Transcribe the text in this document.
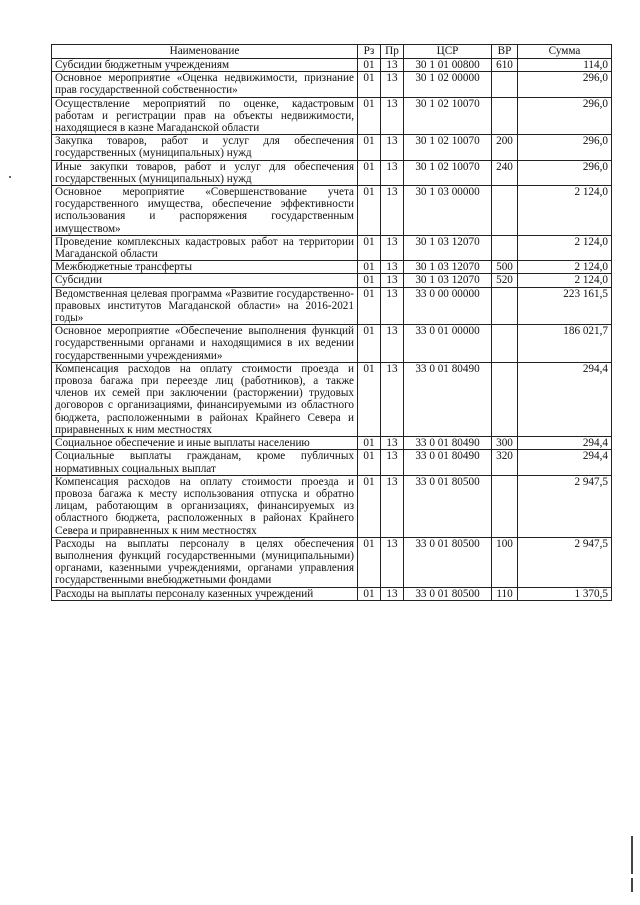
Наименование	Рз	Пр	ЦСР	ВР	Сумма
Субсидии бюджетным учреждениям	01	13	30 1 01 00800	610	114,0
Основное мероприятие «Оценка недвижимости, признание прав государственной собственности»	01	13	30 1 02 00000		296,0
Осуществление мероприятий по оценке, кадастровым работам и регистрации прав на объекты недвижимости, находящиеся в казне Магаданской области	01	13	30 1 02 10070		296,0
Закупка товаров, работ и услуг для обеспечения государственных (муниципальных) нужд	01	13	30 1 02 10070	200	296,0
Иные закупки товаров, работ и услуг для обеспечения государственных (муниципальных) нужд	01	13	30 1 02 10070	240	296,0
Основное мероприятие «Совершенствование учета государственного имущества, обеспечение эффективности использования и распоряжения государственным имуществом»	01	13	30 1 03 00000		2 124,0
Проведение комплексных кадастровых работ на территории Магаданской области	01	13	30 1 03 12070		2 124,0
Межбюджетные трансферты	01	13	30 1 03 12070	500	2 124,0
Субсидии	01	13	30 1 03 12070	520	2 124,0
Ведомственная целевая программа «Развитие государственно-правовых институтов Магаданской области» на 2016-2021 годы»	01	13	33 0 00 00000		223 161,5
Основное мероприятие «Обеспечение выполнения функций государственными органами и находящимися в их ведении государственными учреждениями»	01	13	33 0 01 00000		186 021,7
Компенсация расходов на оплату стоимости проезда и провоза багажа при переезде лиц (работников), а также членов их семей при заключении (расторжении) трудовых договоров с организациями, финансируемыми из областного бюджета, расположенными в районах Крайнего Севера и приравненных к ним местностях	01	13	33 0 01 80490		294,4
Социальное обеспечение и иные выплаты населению	01	13	33 0 01 80490	300	294,4
Социальные выплаты гражданам, кроме публичных нормативных социальных выплат	01	13	33 0 01 80490	320	294,4
Компенсация расходов на оплату стоимости проезда и провоза багажа к месту использования отпуска и обратно лицам, работающим в организациях, финансируемых из областного бюджета, расположенных в районах Крайнего Севера и приравненных к ним местностях	01	13	33 0 01 80500		2 947,5
Расходы на выплаты персоналу в целях обеспечения выполнения функций государственными (муниципальными) органами, казенными учреждениями, органами управления государственными внебюджетными фондами	01	13	33 0 01 80500	100	2 947,5
Расходы на выплаты персоналу казенных учреждений	01	13	33 0 01 80500	110	1 370,5
